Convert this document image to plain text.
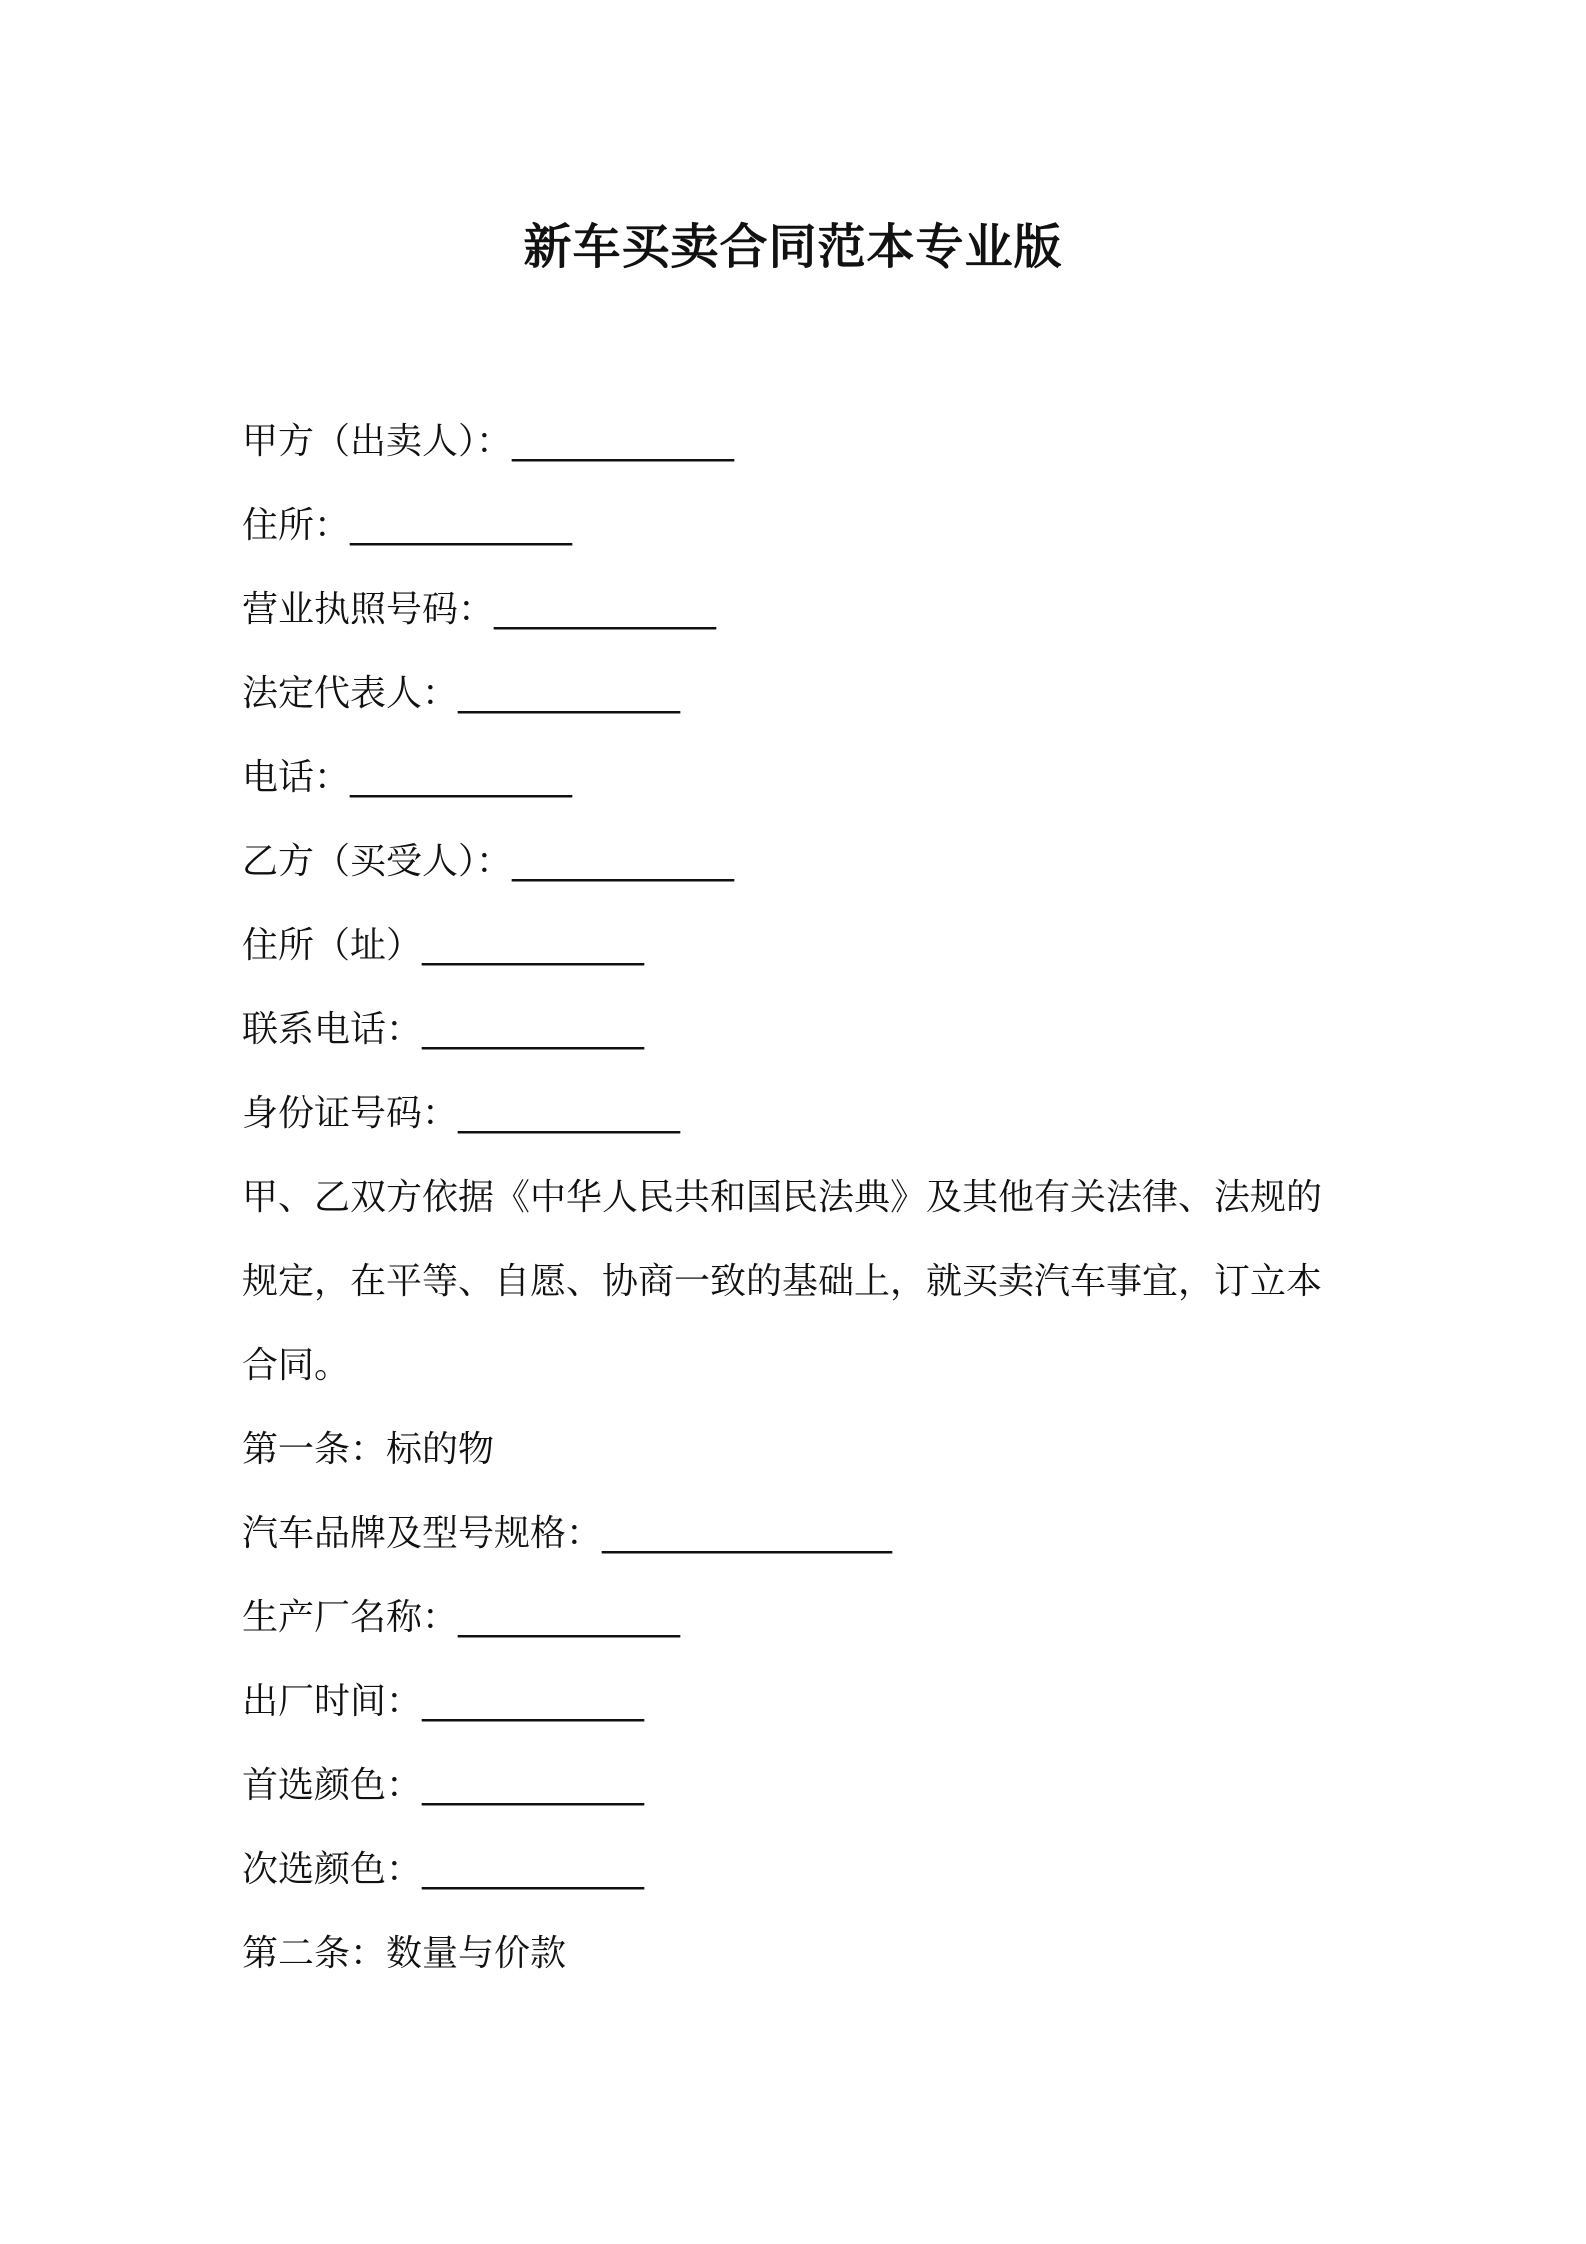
新车买卖合同范本专业版
甲方（出卖人）：_____________
住所：_____________
营业执照号码：_____________
法定代表人：_____________
电话：_____________
乙方（买受人）：_____________
住所（址）_____________
联系电话：_____________
身份证号码：_____________
甲、乙双方依据《中华人民共和国民法典》及其他有关法律、法规的规定，在平等、自愿、协商一致的基础上，就买卖汽车事宜，订立本合同。
第一条：标的物
汽车品牌及型号规格：_________________
生产厂名称：_____________
出厂时间：_____________
首选颜色：_____________
次选颜色：_____________
第二条：数量与价款
